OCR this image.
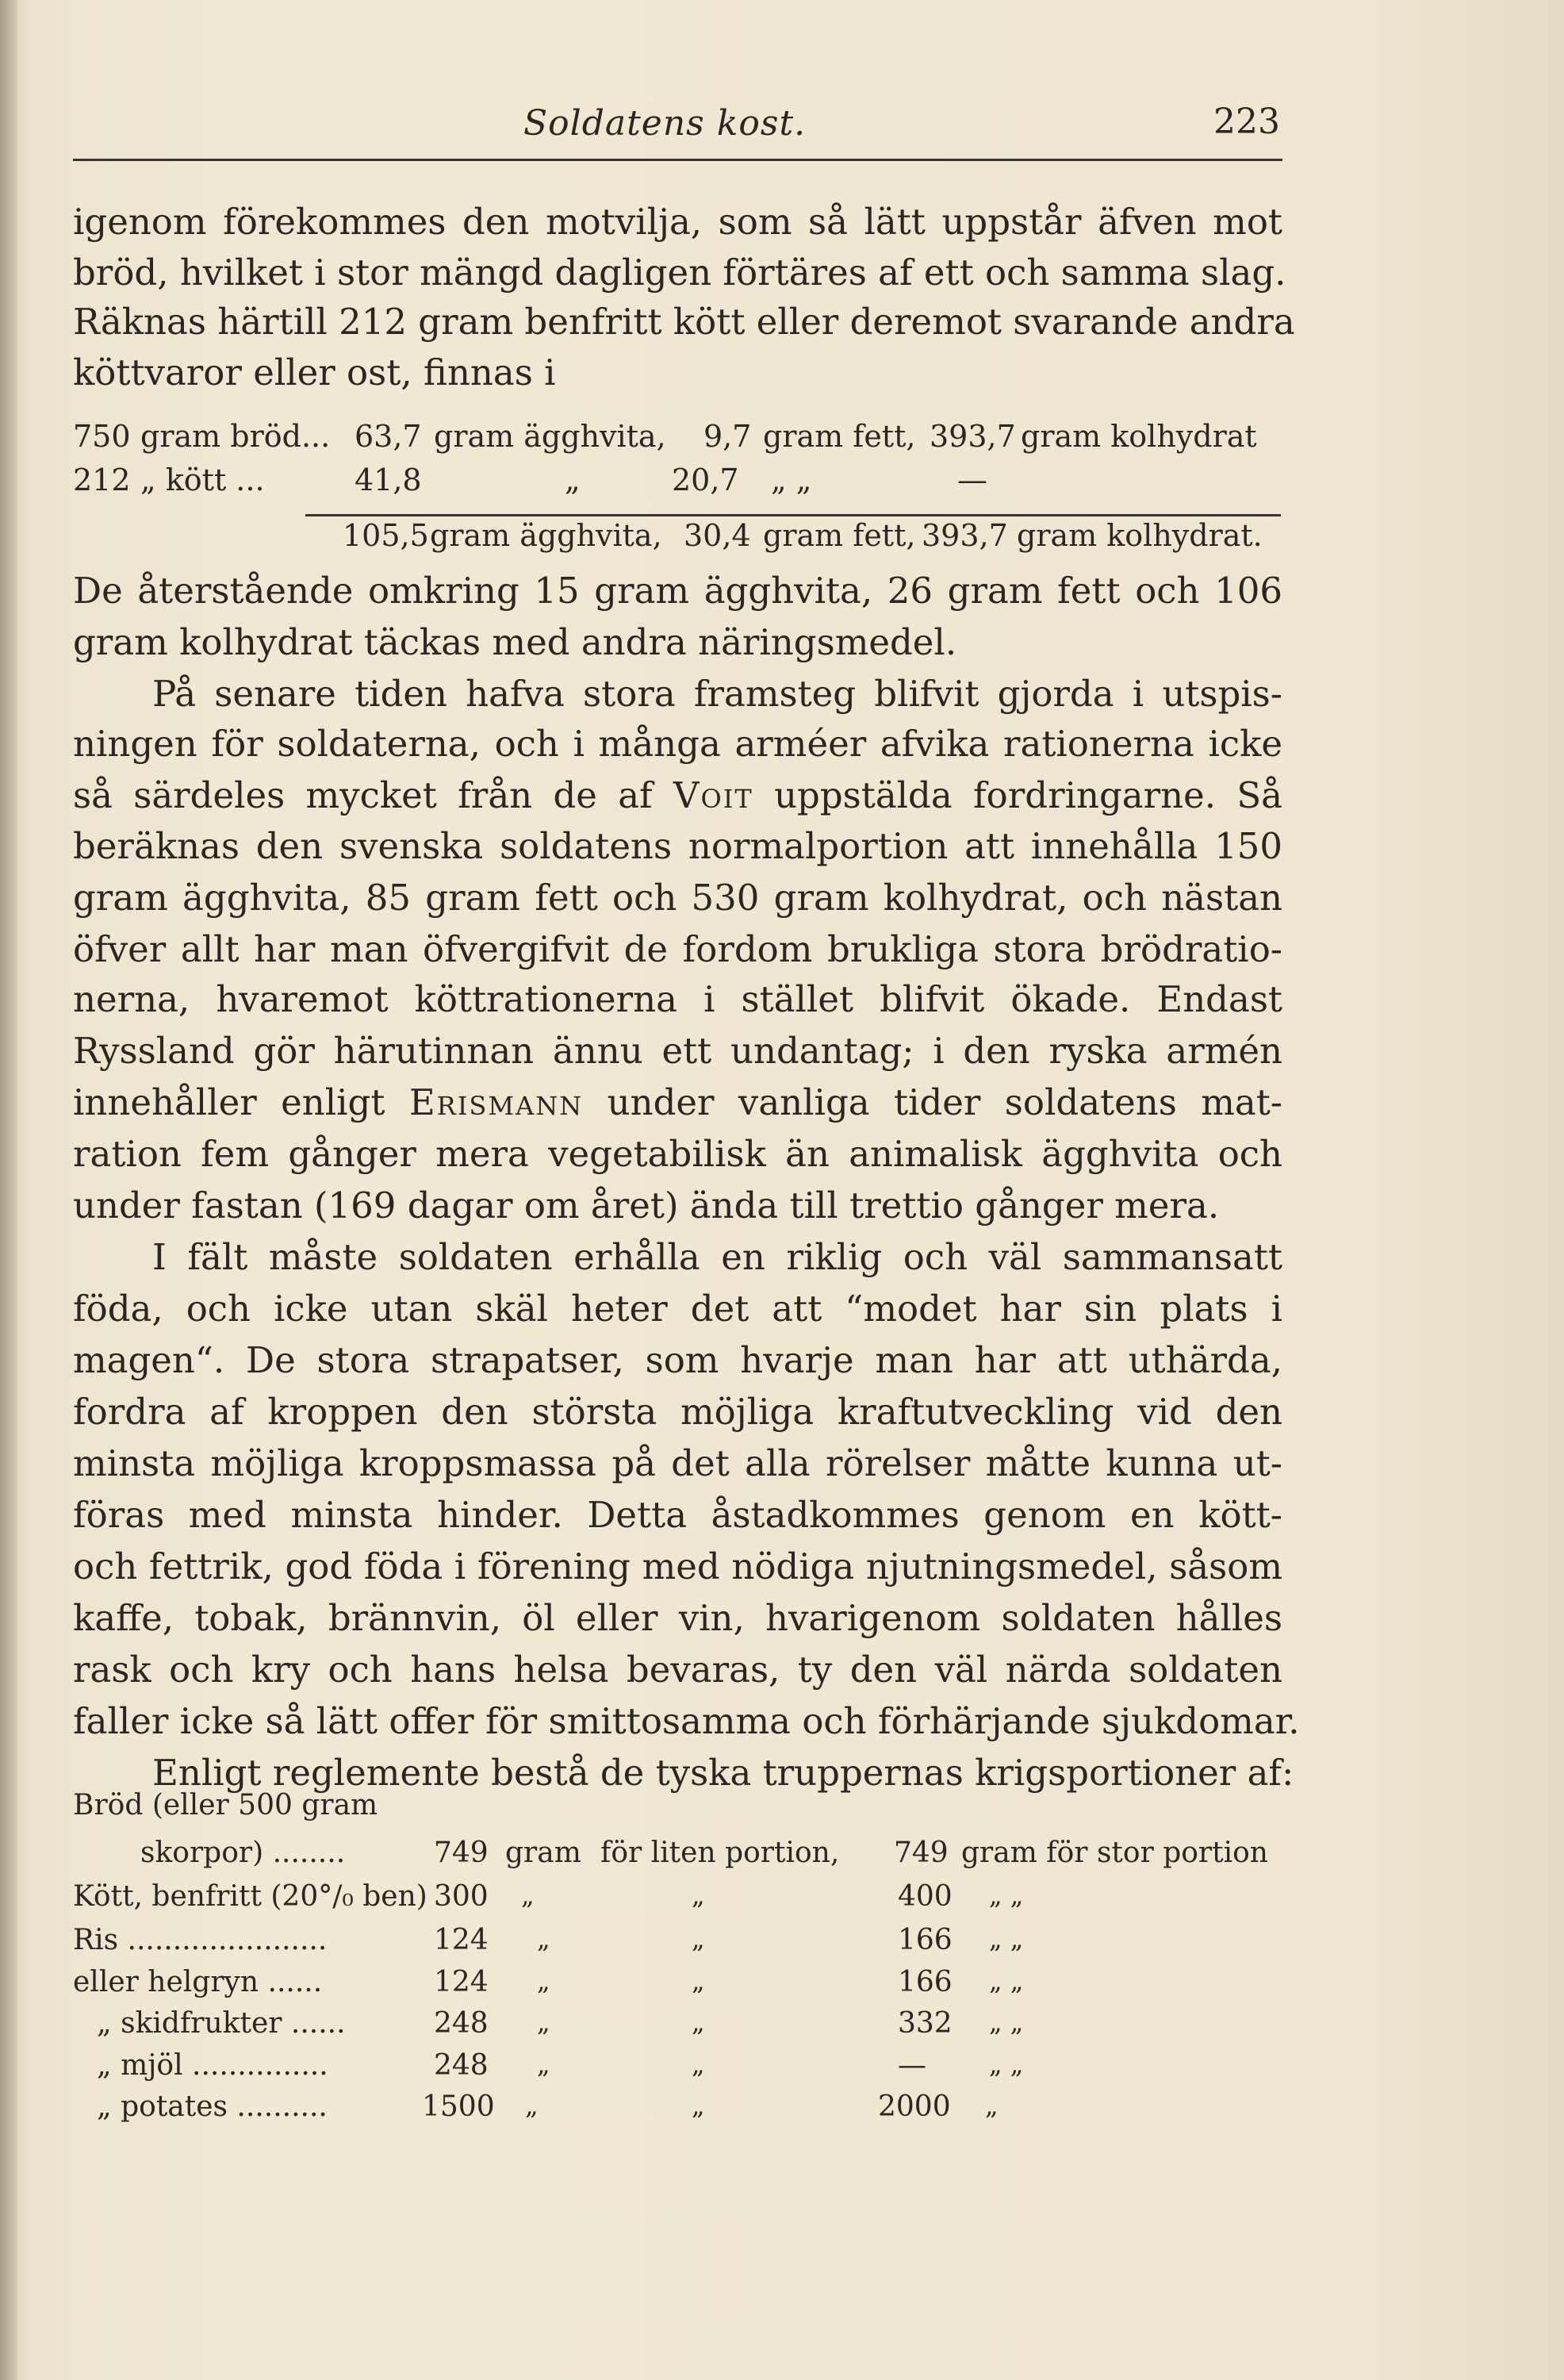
Soldatens kost.	223
igenom förekommes den motvilja, som så lätt uppstår äfven mot
bröd, hvilket i stor mängd dagligen förtäres af ett och samma slag.
Räknas härtill 212 gram benfritt kött eller deremot svarande andra
köttvaror eller ost, finnas i
750 gram bröd... 63,7 gram ägghvita, 9,7 gram fett, 393,7 gram kolhydrat
212 „ kött ...	41,8	„	20,7 „ „	—
105,5 gram ägghvita, 30,4 gram fett, 393,7 gram kolhydrat.
De återstående omkring 15 gram ägghvita, 26 gram fett och 106
gram kolhydrat täckas med andra näringsmedel.
På senare tiden hafva stora framsteg blifvit gjorda i utspis-
ningen för soldaterna, och i många arméer afvika rationerna icke
så särdeles mycket från de af Voit uppstälda fordringarne. Så
beräknas den svenska soldatens normalportion att innehålla 150
gram ägghvita, 85 gram fett och 530 gram kolhydrat, och nästan
öfver allt har man öfvergifvit de fordom brukliga stora brödratio-
nerna, hvaremot köttrationerna i stället blifvit ökade. Endast
Ryssland gör härutinnan ännu ett undantag; i den ryska armén
innehåller enligt Erismann under vanliga tider soldatens mat-
ration fem gånger mera vegetabilisk än animalisk ägghvita och
under fastan (169 dagar om året) ända till trettio gånger mera.
I fält måste soldaten erhålla en riklig och väl sammansatt
föda, och icke utan skäl heter det att “modet har sin plats i
magen“. De stora strapatser, som hvarje man har att uthärda,
fordra af kroppen den största möjliga kraftutveckling vid den
minsta möjliga kroppsmassa på det alla rörelser måtte kunna ut-
föras med minsta hinder. Detta åstadkommes genom en kött-
och fettrik, god föda i förening med nödiga njutningsmedel, såsom
kaffe, tobak, brännvin, öl eller vin, hvarigenom soldaten hålles
rask och kry och hans helsa bevaras, ty den väl närda soldaten
faller icke så lätt offer för smittosamma och förhärjande sjukdomar.
Enligt reglemente bestå de tyska truppernas krigsportioner af:
Bröd (eller 500 gram
skorpor) ........	749 gram för liten portion, 749 gram för stor portion
Kött, benfritt (20°/₀ ben) 300 „	„	400 „ „
Ris ......................	124 „	„	166 „ „
eller helgryn ......	124 „	„	166 „ „
„ skidfrukter ......	248 „	„	332 „ „
„ mjöl ...............	248 „	„	— „ „
„ potates ..........	1500 „	„	2000 „
